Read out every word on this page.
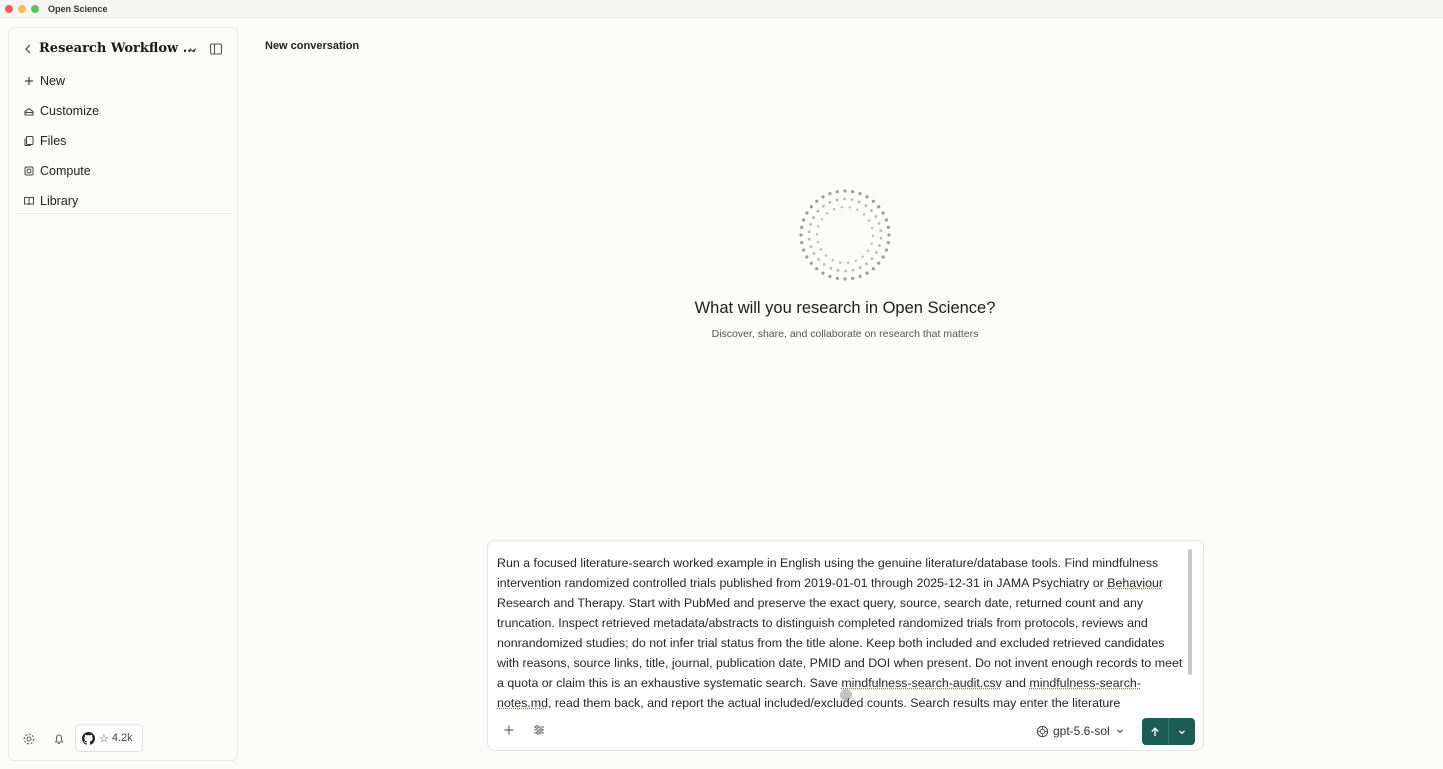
Open Science
Research Workflow ...
New
Customize
Files
Compute
Library
☆ 4.2k
New conversation
What will you research in Open Science?
Discover, share, and collaborate on research that matters
Run a focused literature-search worked example in English using the genuine literature/database tools. Find mindfulness intervention randomized controlled trials published from 2019-01-01 through 2025-12-31 in JAMA Psychiatry or Behaviour Research and Therapy. Start with PubMed and preserve the exact query, source, search date, returned count and any truncation. Inspect retrieved metadata/abstracts to distinguish completed randomized trials from protocols, reviews and nonrandomized studies; do not infer trial status from the title alone. Keep both included and excluded retrieved candidates with reasons, source links, title, journal, publication date, PMID and DOI when present. Do not invent enough records to meet a quota or claim this is an exhaustive systematic search. Save mindfulness-search-audit.csv and mindfulness-search-notes.md, read them back, and report the actual included/excluded counts. Search results may enter the literature
gpt-5.6-sol
